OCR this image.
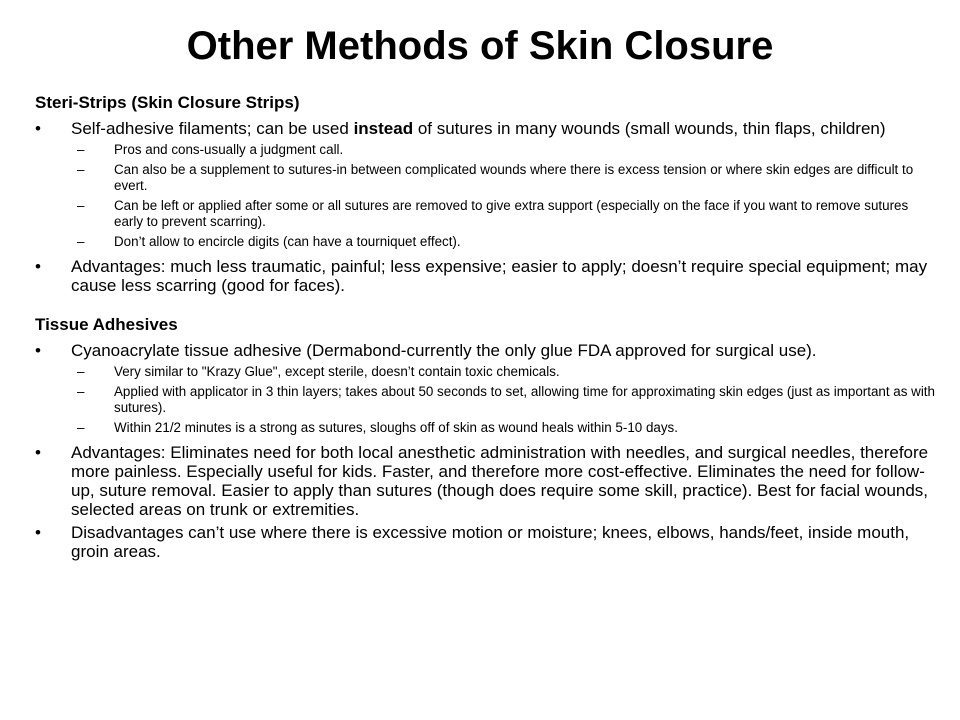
Other Methods of Skin Closure
Steri-Strips (Skin Closure Strips)
• Self-adhesive filaments; can be used instead of sutures in many wounds (small wounds, thin flaps, children)
– Pros and cons-usually a judgment call.
– Can also be a supplement to sutures-in between complicated wounds where there is excess tension or where skin edges are difficult to evert.
– Can be left or applied after some or all sutures are removed to give extra support (especially on the face if you want to remove sutures early to prevent scarring).
– Don’t allow to encircle digits (can have a tourniquet effect).
• Advantages: much less traumatic, painful; less expensive; easier to apply; doesn’t require special equipment; may cause less scarring (good for faces).
Tissue Adhesives
• Cyanoacrylate tissue adhesive (Dermabond-currently the only glue FDA approved for surgical use).
– Very similar to "Krazy Glue", except sterile, doesn’t contain toxic chemicals.
– Applied with applicator in 3 thin layers; takes about 50 seconds to set, allowing time for approximating skin edges (just as important as with sutures).
– Within 21/2 minutes is a strong as sutures, sloughs off of skin as wound heals within 5-10 days.
• Advantages: Eliminates need for both local anesthetic administration with needles, and surgical needles, therefore more painless. Especially useful for kids. Faster, and therefore more cost-effective. Eliminates the need for follow-up, suture removal. Easier to apply than sutures (though does require some skill, practice). Best for facial wounds, selected areas on trunk or extremities.
• Disadvantages can’t use where there is excessive motion or moisture; knees, elbows, hands/feet, inside mouth, groin areas.
